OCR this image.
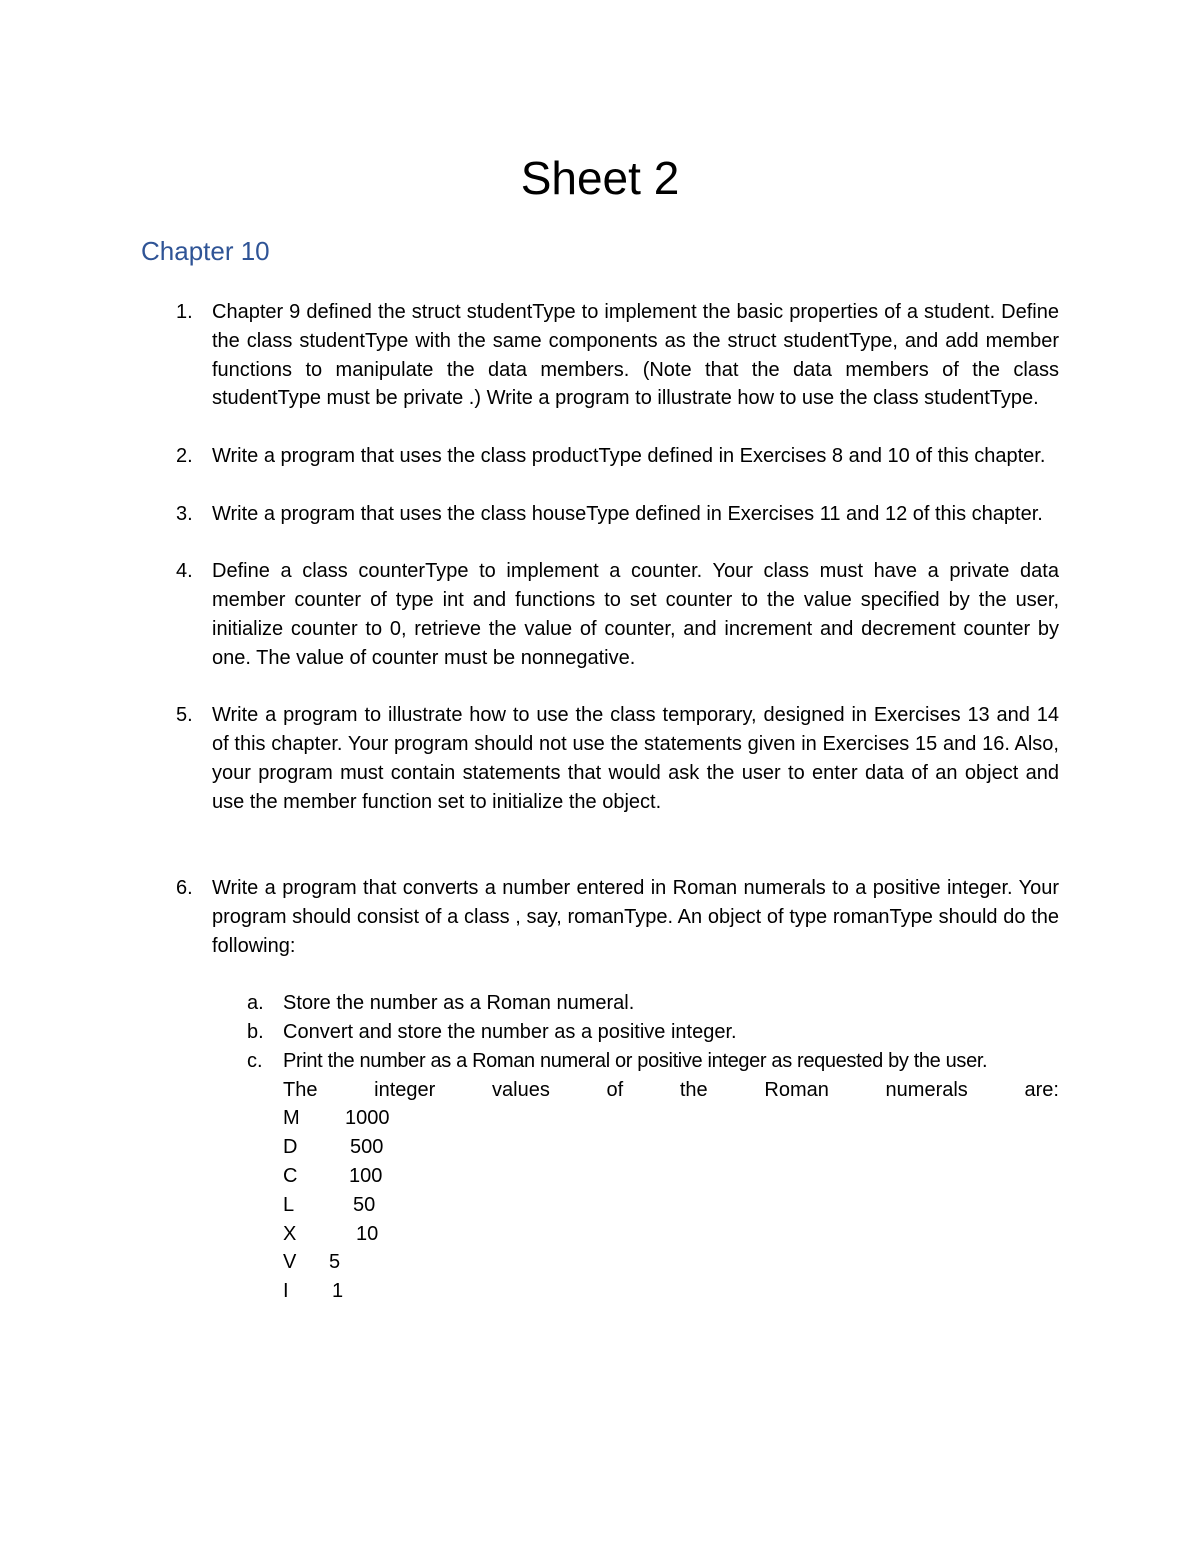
Sheet 2
Chapter 10
1. Chapter 9 defined the struct studentType to implement the basic properties of a student. Define the class studentType with the same components as the struct studentType, and add member functions to manipulate the data members. (Note that the data members of the class studentType must be private .) Write a program to illustrate how to use the class studentType.
2. Write a program that uses the class productType defined in Exercises 8 and 10 of this chapter.
3. Write a program that uses the class houseType defined in Exercises 11 and 12 of this chapter.
4. Define a class counterType to implement a counter. Your class must have a private data member counter of type int and functions to set counter to the value specified by the user, initialize counter to 0, retrieve the value of counter, and increment and decrement counter by one. The value of counter must be nonnegative.
5. Write a program to illustrate how to use the class temporary, designed in Exercises 13 and 14 of this chapter. Your program should not use the statements given in Exercises 15 and 16. Also, your program must contain statements that would ask the user to enter data of an object and use the member function set to initialize the object.
6. Write a program that converts a number entered in Roman numerals to a positive integer. Your program should consist of a class , say, romanType. An object of type romanType should do the following:
a. Store the number as a Roman numeral.
b. Convert and store the number as a positive integer.
c. Print the number as a Roman numeral or positive integer as requested by the user.
The	integer	values	of	the	Roman	numerals	are:
M 1000
D	500
C	100
L	50
X	10
V 5
I 1
